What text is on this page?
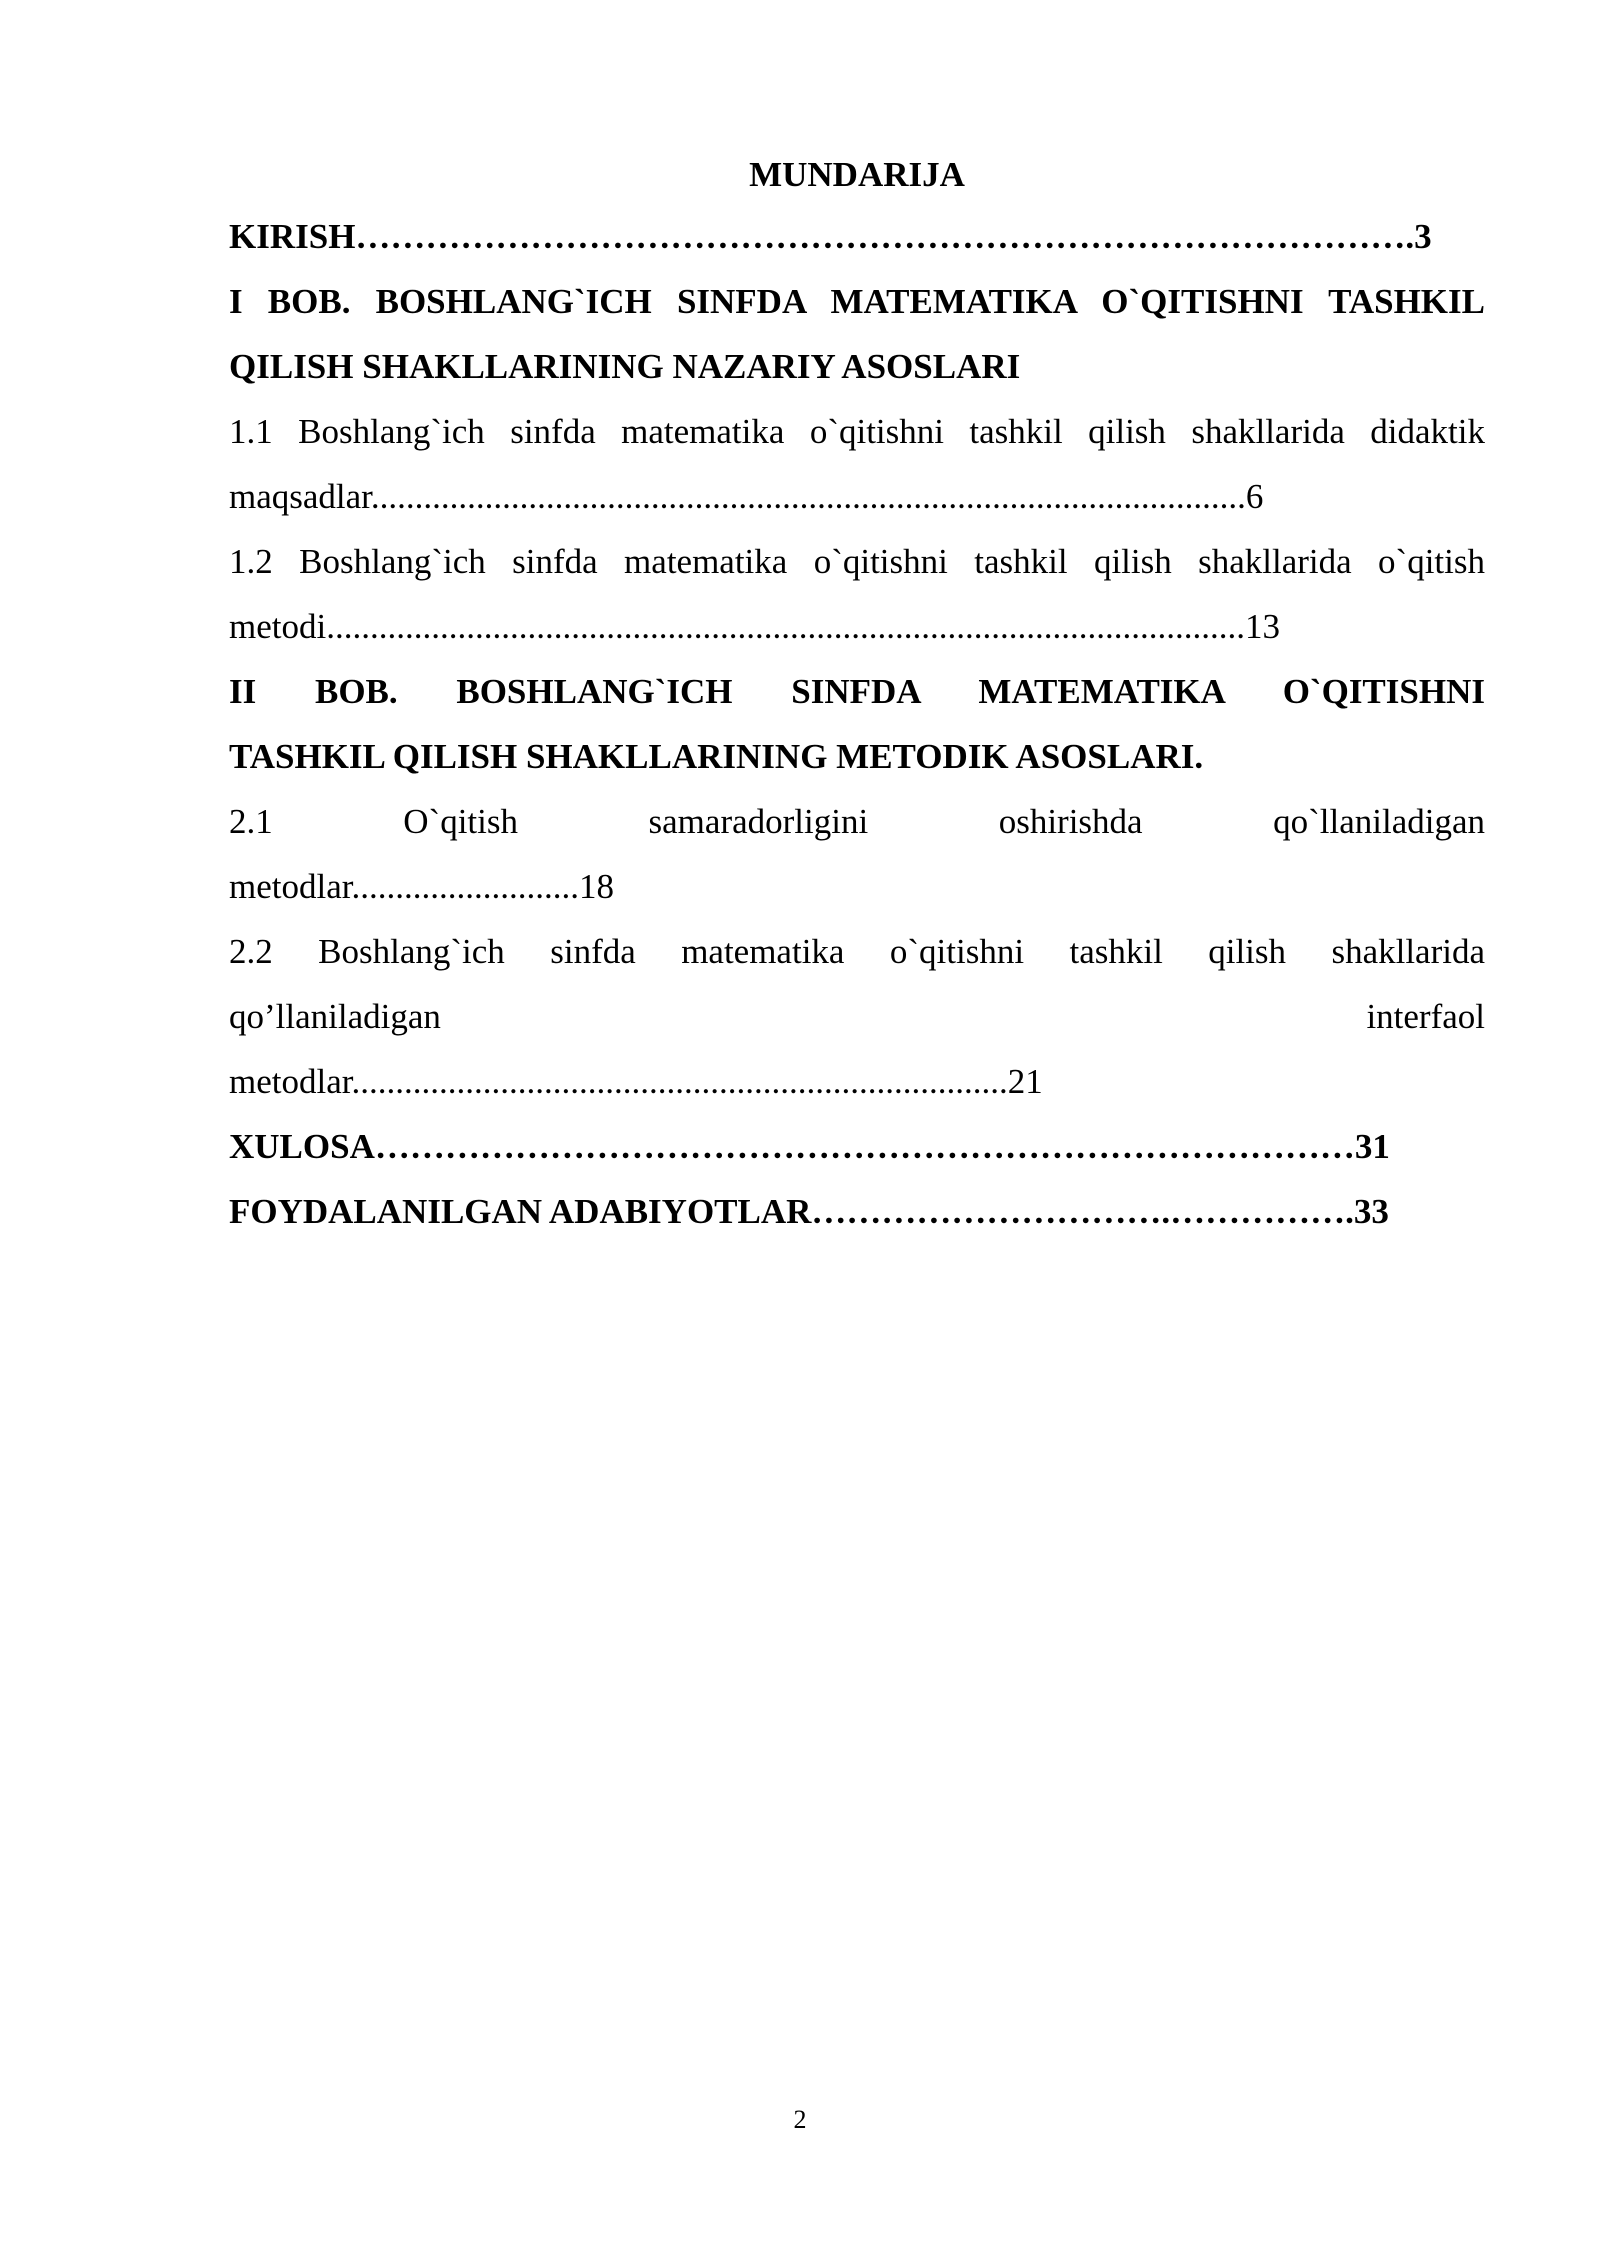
MUNDARIJA

KIRISH……………………………………………………………………………….3

I BOB. BOSHLANG`ICH SINFDA MATEMATIKA O`QITISHNI TASHKIL

QILISH SHAKLLARINING NAZARIY ASOSLARI

1.1 Boshlang`ich sinfda matematika o`qitishni tashkil qilish shakllarida didaktik

maqsadlar....................................................................................................6

1.2 Boshlang`ich sinfda matematika o`qitishni tashkil qilish shakllarida o`qitish

metodi.........................................................................................................13

II BOB. BOSHLANG`ICH SINFDA MATEMATIKA O`QITISHNI

TASHKIL QILISH SHAKLLARINING METODIK ASOSLARI.

2.1 O`qitish samaradorligini oshirishda qo`llaniladigan

metodlar..........................18

2.2 Boshlang`ich sinfda matematika o`qitishni tashkil qilish shakllarida

qo’llaniladigan interfaol

metodlar...........................................................................21

XULOSA…………………………………………………………………………31

FOYDALANILGAN ADABIYOTLAR………………………….…………….33

2
